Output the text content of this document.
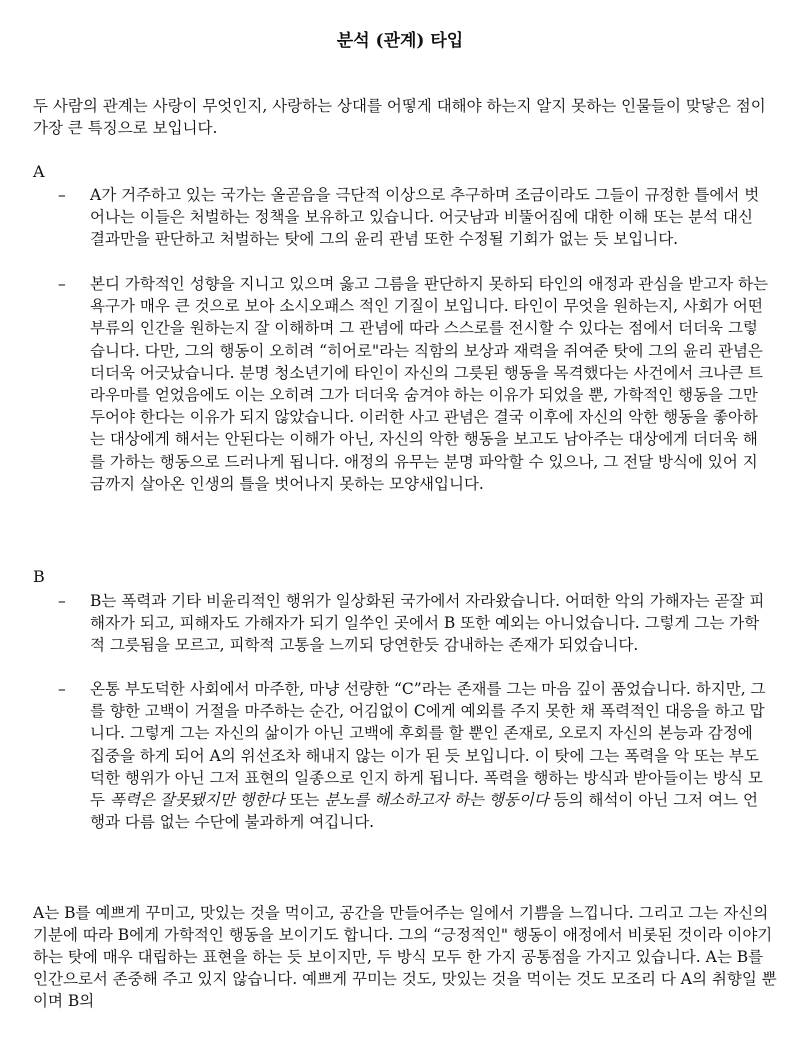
분석 (관계) 타입

두 사람의 관계는 사랑이 무엇인지, 사랑하는 상대를 어떻게 대해야 하는지 알지 못하는 인물들이 맞닿은 점이 가장 큰 특징으로 보입니다.

A
– A가 거주하고 있는 국가는 올곧음을 극단적 이상으로 추구하며 조금이라도 그들이 규정한 틀에서 벗어나는 이들은 처벌하는 정책을 보유하고 있습니다. 어긋남과 비뚤어짐에 대한 이해 또는 분석 대신 결과만을 판단하고 처벌하는 탓에 그의 윤리 관념 또한 수정될 기회가 없는 듯 보입니다.

– 본디 가학적인 성향을 지니고 있으며 옳고 그름을 판단하지 못하되 타인의 애정과 관심을 받고자 하는 욕구가 매우 큰 것으로 보아 소시오패스 적인 기질이 보입니다. 타인이 무엇을 원하는지, 사회가 어떤 부류의 인간을 원하는지 잘 이해하며 그 관념에 따라 스스로를 전시할 수 있다는 점에서 더더욱 그렇습니다. 다만, 그의 행동이 오히려 “히어로"라는 직함의 보상과 재력을 쥐여준 탓에 그의 윤리 관념은 더더욱 어긋났습니다. 분명 청소년기에 타인이 자신의 그릇된 행동을 목격했다는 사건에서 크나큰 트라우마를 얻었음에도 이는 오히려 그가 더더욱 숨겨야 하는 이유가 되었을 뿐, 가학적인 행동을 그만두어야 한다는 이유가 되지 않았습니다. 이러한 사고 관념은 결국 이후에 자신의 악한 행동을 좋아하는 대상에게 해서는 안된다는 이해가 아닌, 자신의 악한 행동을 보고도 남아주는 대상에게 더더욱 해를 가하는 행동으로 드러나게 됩니다. 애정의 유무는 분명 파악할 수 있으나, 그 전달 방식에 있어 지금까지 살아온 인생의 틀을 벗어나지 못하는 모양새입니다.

B
– B는 폭력과 기타 비윤리적인 행위가 일상화된 국가에서 자라왔습니다. 어떠한 악의 가해자는 곧잘 피해자가 되고, 피해자도 가해자가 되기 일쑤인 곳에서 B 또한 예외는 아니었습니다. 그렇게 그는 가학적 그릇됨을 모르고, 피학적 고통을 느끼되 당연한듯 감내하는 존재가 되었습니다.

– 온통 부도덕한 사회에서 마주한, 마냥 선량한 “C”라는 존재를 그는 마음 깊이 품었습니다. 하지만, 그를 향한 고백이 거절을 마주하는 순간, 어김없이 C에게 예외를 주지 못한 채 폭력적인 대응을 하고 맙니다. 그렇게 그는 자신의 삶이가 아닌 고백에 후회를 할 뿐인 존재로, 오로지 자신의 본능과 감정에 집중을 하게 되어 A의 위선조차 해내지 않는 이가 된 듯 보입니다. 이 탓에 그는 폭력을 악 또는 부도덕한 행위가 아닌 그저 표현의 일종으로 인지 하게 됩니다. 폭력을 행하는 방식과 받아들이는 방식 모두 폭력은 잘못됐지만 행한다 또는 분노를 해소하고자 하는 행동이다 등의 해석이 아닌 그저 여느 언행과 다름 없는 수단에 불과하게 여깁니다.

A는 B를 예쁘게 꾸미고, 맛있는 것을 먹이고, 공간을 만들어주는 일에서 기쁨을 느낍니다. 그리고 그는 자신의 기분에 따라 B에게 가학적인 행동을 보이기도 합니다. 그의 “긍정적인" 행동이 애정에서 비롯된 것이라 이야기하는 탓에 매우 대립하는 표현을 하는 듯 보이지만, 두 방식 모두 한 가지 공통점을 가지고 있습니다. A는 B를 인간으로서 존중해 주고 있지 않습니다. 예쁘게 꾸미는 것도, 맛있는 것을 먹이는 것도 모조리 다 A의 취향일 뿐이며 B의
